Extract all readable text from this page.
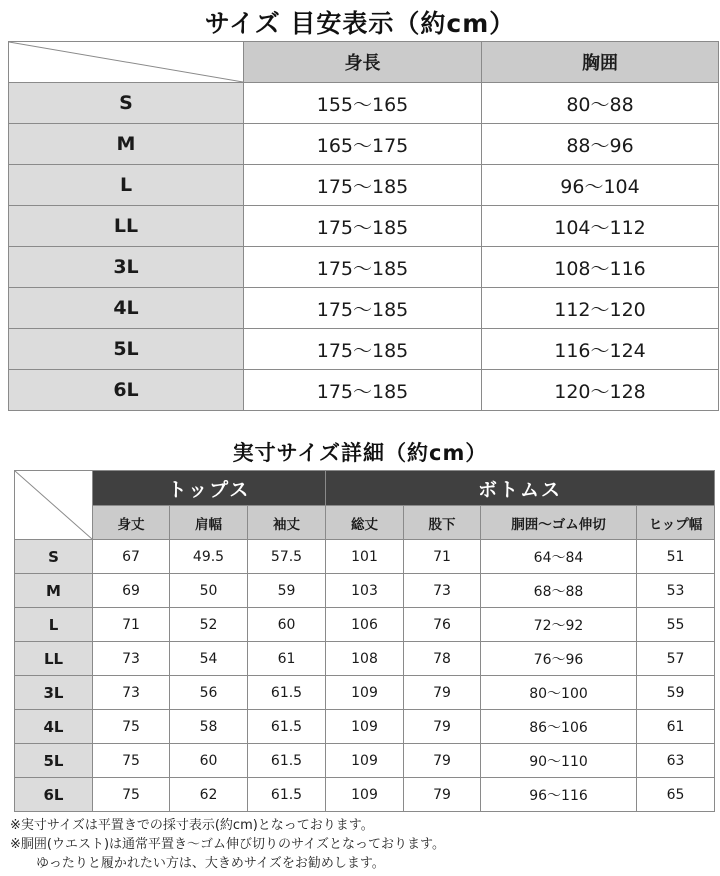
サイズ 目安表示（約cm）
	身長	胸囲
S	155〜165	80〜88
M	165〜175	88〜96
L	175〜185	96〜104
LL	175〜185	104〜112
3L	175〜185	108〜116
4L	175〜185	112〜120
5L	175〜185	116〜124
6L	175〜185	120〜128
実寸サイズ詳細（約cm）
	トップス			ボトムス			
	身丈	肩幅	袖丈	総丈	股下	胴囲〜ゴム伸切	ヒップ幅
S	67	49.5	57.5	101	71	64〜84	51
M	69	50	59	103	73	68〜88	53
L	71	52	60	106	76	72〜92	55
LL	73	54	61	108	78	76〜96	57
3L	73	56	61.5	109	79	80〜100	59
4L	75	58	61.5	109	79	86〜106	61
5L	75	60	61.5	109	79	90〜110	63
6L	75	62	61.5	109	79	96〜116	65
※実寸サイズは平置きでの採寸表示(約cm)となっております。
※胴囲(ウエスト)は通常平置き〜ゴム伸び切りのサイズとなっております。
ゆったりと履かれたい方は、大きめサイズをお勧めします。
